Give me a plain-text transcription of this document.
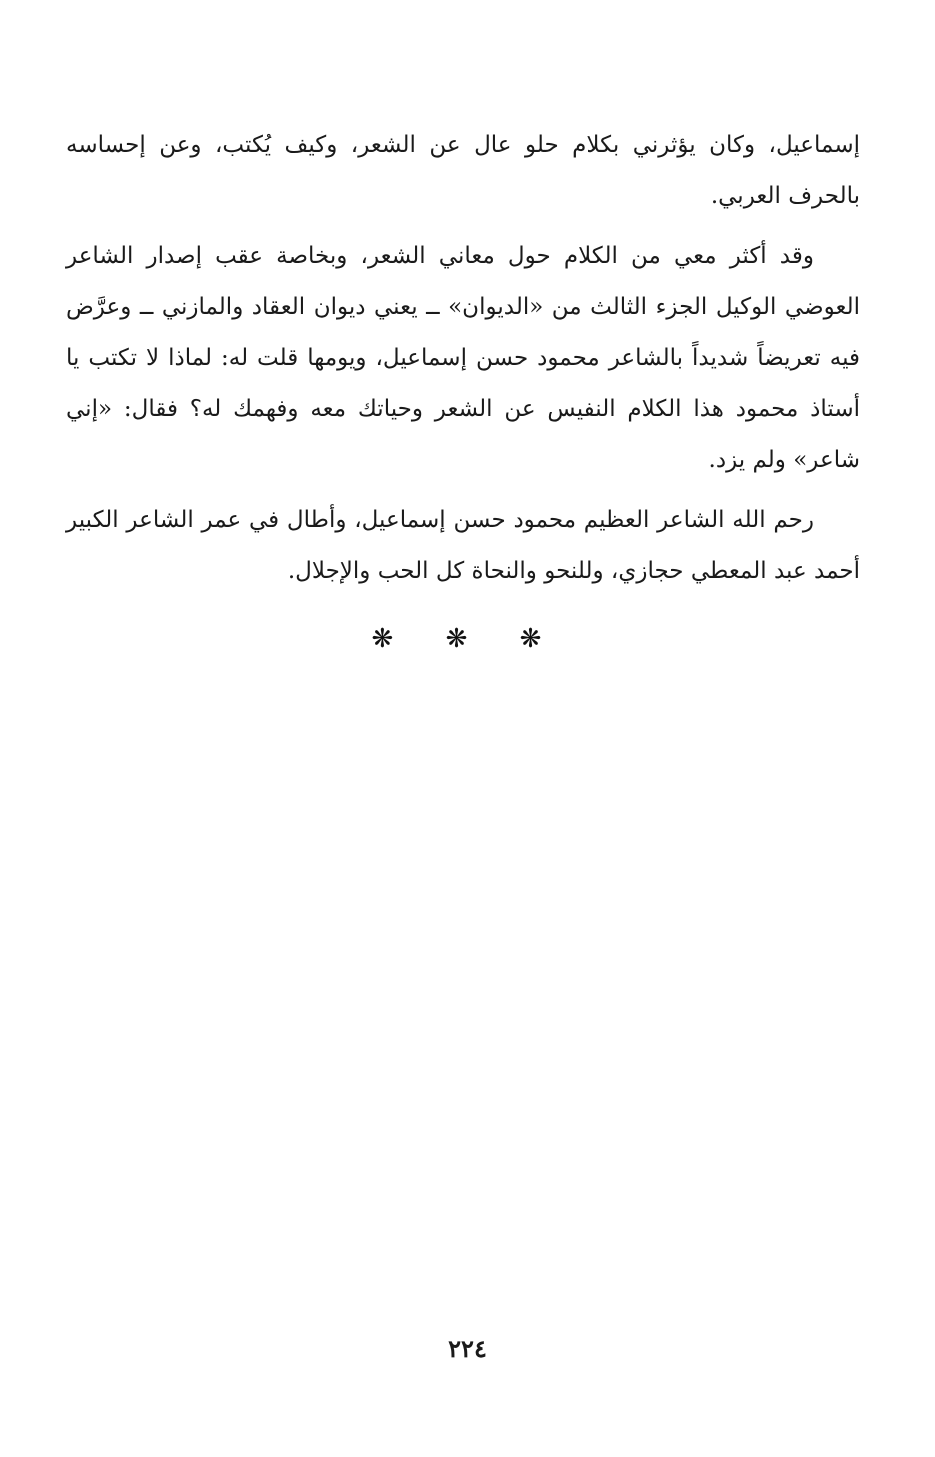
إسماعيل، وكان يؤثرني بكلام حلو عال عن الشعر، وكيف يُكتب، وعن إحساسه بالحرف العربي.

وقد أكثر معي من الكلام حول معاني الشعر، وبخاصة عقب إصدار الشاعر العوضي الوكيل الجزء الثالث من «الديوان» ــ يعني ديوان العقاد والمازني ــ وعرَّض فيه تعريضاً شديداً بالشاعر محمود حسن إسماعيل، ويومها قلت له: لماذا لا تكتب يا أستاذ محمود هذا الكلام النفيس عن الشعر وحياتك معه وفهمك له؟ فقال: «إني شاعر» ولم يزد.

رحم الله الشاعر العظيم محمود حسن إسماعيل، وأطال في عمر الشاعر الكبير أحمد عبد المعطي حجازي، وللنحو والنحاة كل الحب والإجلال.

❋ ❋ ❋
٢٢٤
